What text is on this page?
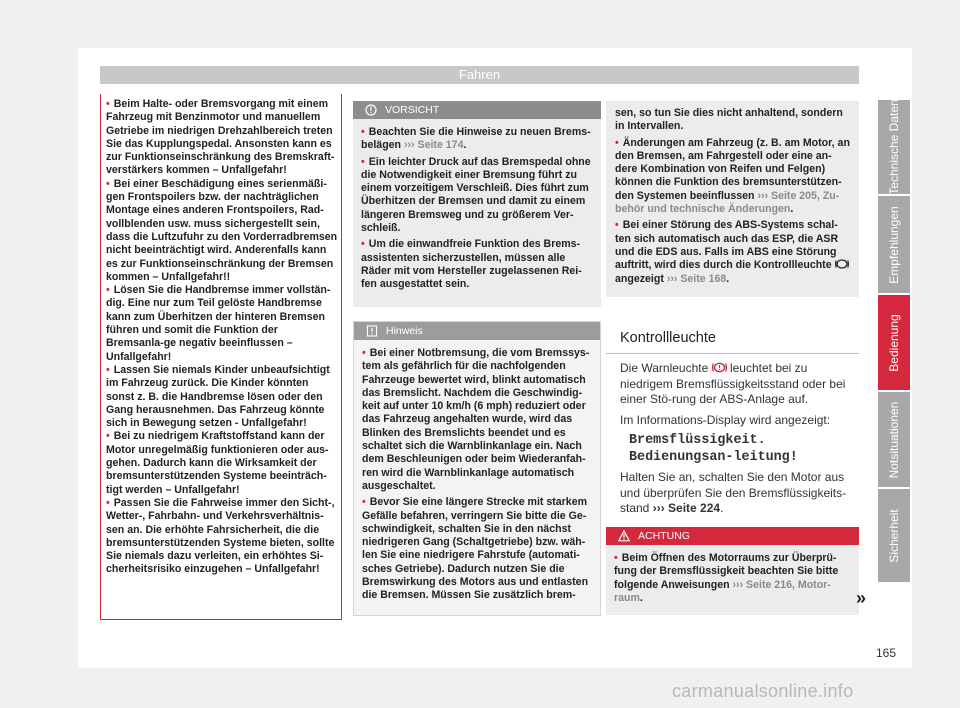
Fahren
• Beim Halte- oder Bremsvorgang mit einem Fahrzeug mit Benzinmotor und manuellem Getriebe im niedrigen Drehzahlbereich treten Sie das Kupplungspedal. Ansonsten kann es zur Funktionseinschränkung des Bremskraft-verstärkers kommen – Unfallgefahr!
• Bei einer Beschädigung eines serienmäßi-gen Frontspoilers bzw. der nachträglichen Montage eines anderen Frontspoilers, Rad-vollblenden usw. muss sichergestellt sein, dass die Luftzufuhr zu den Vorderradbremsen nicht beeinträchtigt wird. Anderenfalls kann es zur Funktionseinschränkung der Bremsen kommen – Unfallgefahr!!
• Lösen Sie die Handbremse immer vollstän-dig. Eine nur zum Teil gelöste Handbremse kann zum Überhitzen der hinteren Bremsen führen und somit die Funktion der Bremsanla-ge negativ beeinflussen – Unfallgefahr!
• Lassen Sie niemals Kinder unbeaufsichtigt im Fahrzeug zurück. Die Kinder könnten sonst z. B. die Handbremse lösen oder den Gang herausnehmen. Das Fahrzeug könnte sich in Bewegung setzen - Unfallgefahr!
• Bei zu niedrigem Kraftstoffstand kann der Motor unregelmäßig funktionieren oder aus-gehen. Dadurch kann die Wirksamkeit der bremsunterstützenden Systeme beeinträch-tigt werden – Unfallgefahr!
• Passen Sie die Fahrweise immer den Sicht-, Wetter-, Fahrbahn- und Verkehrsverhältnis-sen an. Die erhöhte Fahrsicherheit, die die bremsunterstützenden Systeme bieten, sollte Sie niemals dazu verleiten, ein erhöhtes Si-cherheitsrisiko einzugehen – Unfallgefahr!
VORSICHT
• Beachten Sie die Hinweise zu neuen Brems-belägen ››› Seite 174.
• Ein leichter Druck auf das Bremspedal ohne die Notwendigkeit einer Bremsung führt zu einem vorzeitigem Verschleiß. Dies führt zum Überhitzen der Bremsen und damit zu einem längeren Bremsweg und zu größerem Ver-schleiß.
• Um die einwandfreie Funktion des Brems-assistenten sicherzustellen, müssen alle Räder mit vom Hersteller zugelassenen Rei-fen ausgestattet sein.
Hinweis
• Bei einer Notbremsung, die vom Bremssys-tem als gefährlich für die nachfolgenden Fahrzeuge bewertet wird, blinkt automatisch das Bremslicht. Nachdem die Geschwindig-keit auf unter 10 km/h (6 mph) reduziert oder das Fahrzeug angehalten wurde, wird das Blinken des Bremslichts beendet und es schaltet sich die Warnblinkanlage ein. Nach dem Beschleunigen oder beim Wiederanfah-ren wird die Warnblinkanlage automatisch ausgeschaltet.
• Bevor Sie eine längere Strecke mit starkem Gefälle befahren, verringern Sie bitte die Ge-schwindigkeit, schalten Sie in den nächst niedrigeren Gang (Schaltgetriebe) bzw. wäh-len Sie eine niedrigere Fahrstufe (automati-sches Getriebe). Dadurch nutzen Sie die Bremswirkung des Motors aus und entlasten die Bremsen. Müssen Sie zusätzlich brem-
sen, so tun Sie dies nicht anhaltend, sondern in Intervallen.
• Änderungen am Fahrzeug (z. B. am Motor, an den Bremsen, am Fahrgestell oder eine an-dere Kombination von Reifen und Felgen) können die Funktion des bremsunterstützen-den Systemen beeinflussen ››› Seite 205, Zu-behör und technische Änderungen.
• Bei einer Störung des ABS-Systems schal-ten sich automatisch auch das ESP, die ASR und die EDS aus. Falls im ABS eine Störung auftritt, wird dies durch die Kontrollleuchte  angezeigt ››› Seite 168.
Kontrollleuchte
Die Warnleuchte leuchtet bei zu niedrigem Bremsflüssigkeitsstand oder bei einer Stö-rung der ABS-Anlage auf.
Im Informations-Display wird angezeigt:
Bremsflüssigkeit. Bedienungsan-leitung!
Halten Sie an, schalten Sie den Motor aus und überprüfen Sie den Bremsflüssigkeits-stand ››› Seite 224.
ACHTUNG
• Beim Öffnen des Motorraums zur Überprü-fung der Bremsflüssigkeit beachten Sie bitte folgende Anweisungen ››› Seite 216, Motor-raum.	»
Technische Daten
Empfehlungen
Bedienung
Notsituationen
Sicherheit
165
carmanualsonline.info
